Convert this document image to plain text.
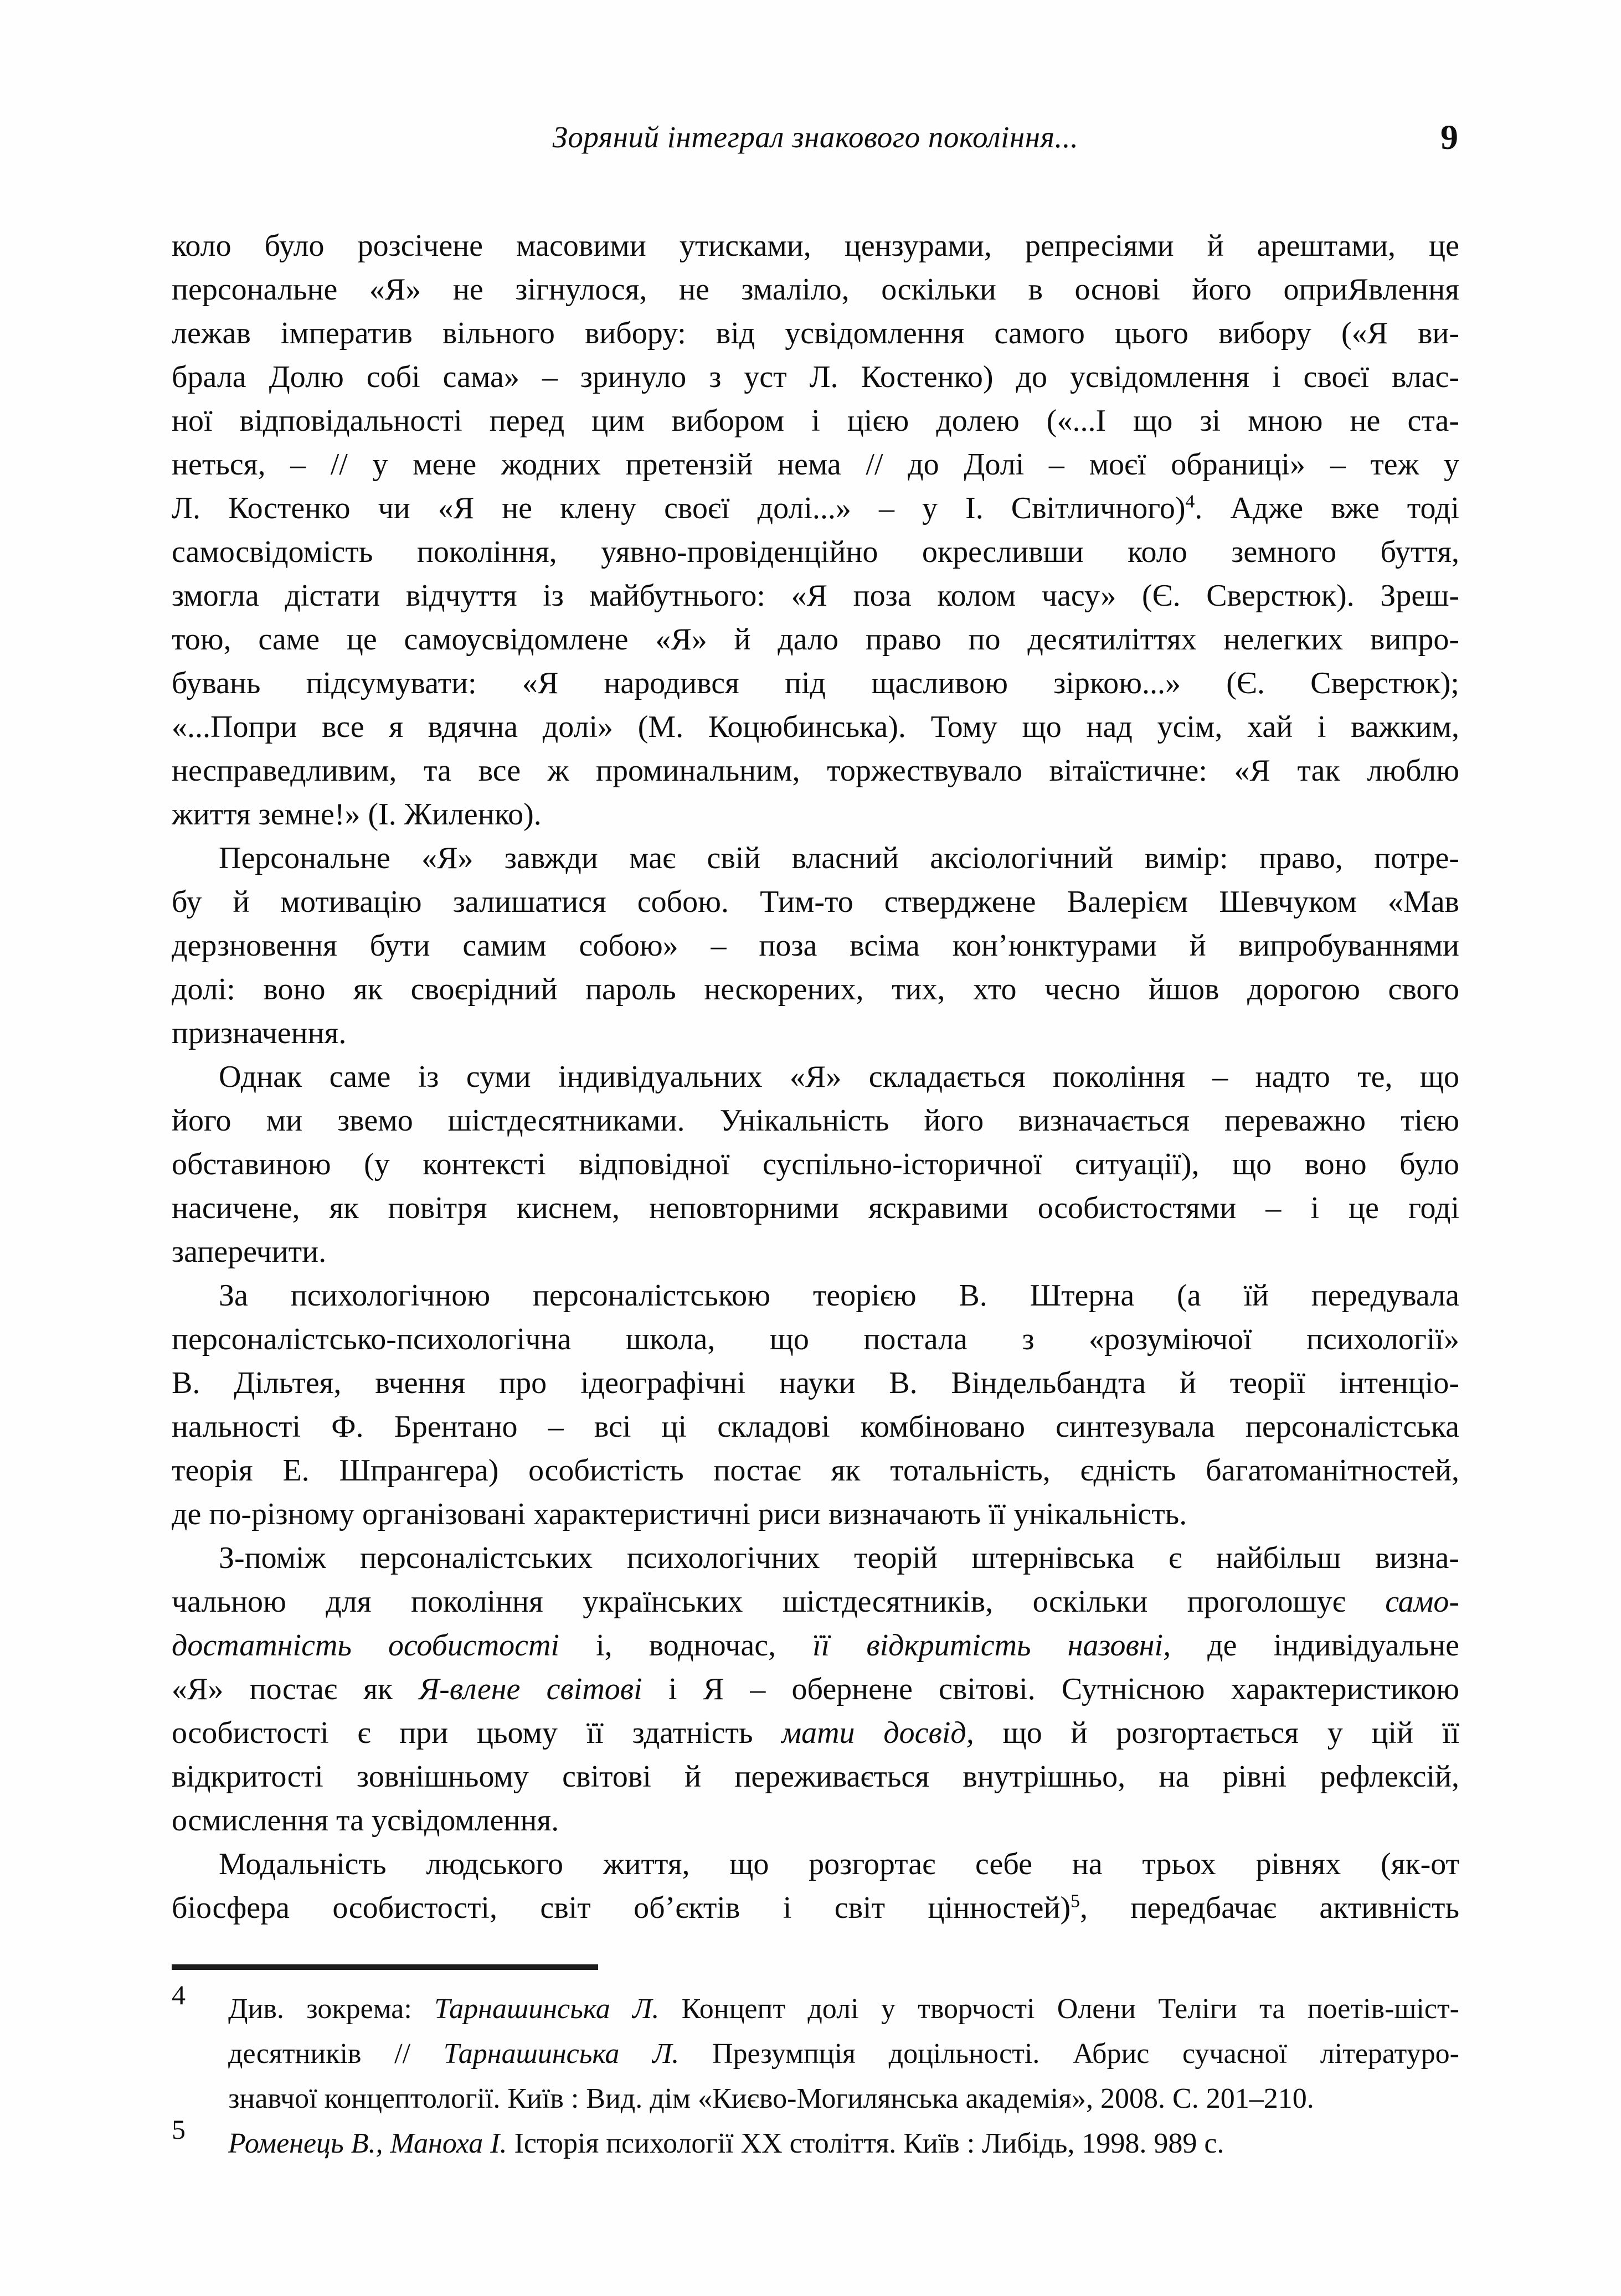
Зоряний інтеграл знакового покоління...	9
коло було розсічене масовими утисками, цензурами, репресіями й арештами, це
персональне «Я» не зігнулося, не змаліло, оскільки в основі його оприЯвлення
лежав імператив вільного вибору: від усвідомлення самого цього вибору («Я ви-
брала Долю собі сама» – зринуло з уст Л. Костенко) до усвідомлення і своєї влас-
ної відповідальності перед цим вибором і цією долею («...І що зі мною не ста-
неться, – // у мене жодних претензій нема // до Долі – моєї обраниці» – теж у
Л. Костенко чи «Я не клену своєї долі...» – у І. Світличного)$^4$. Адже вже тоді
самосвідомість покоління, уявно-провіденційно окресливши коло земного буття,
змогла дістати відчуття із майбутнього: «Я поза колом часу» (Є. Сверстюк). Зреш-
тою, саме це самоусвідомлене «Я» й дало право по десятиліттях нелегких випро-
бувань підсумувати: «Я народився під щасливою зіркою...» (Є. Сверстюк);
«...Попри все я вдячна долі» (М. Коцюбинська). Тому що над усім, хай і важким,
несправедливим, та все ж проминальним, торжествувало вітаїстичне: «Я так люблю
життя земне!» (І. Жиленко).
Персональне «Я» завжди має свій власний аксіологічний вимір: право, потре-
бу й мотивацію залишатися собою. Тим-то стверджене Валерієм Шевчуком «Мав
дерзновення бути самим собою» – поза всіма кон’юнктурами й випробуваннями
долі: воно як своєрідний пароль нескорених, тих, хто чесно йшов дорогою свого
призначення.
Однак саме із суми індивідуальних «Я» складається покоління – надто те, що
його ми звемо шістдесятниками. Унікальність його визначається переважно тією
обставиною (у контексті відповідної суспільно-історичної ситуації), що воно було
насичене, як повітря киснем, неповторними яскравими особистостями – і це годі
заперечити.
За психологічною персоналістською теорією В. Штерна (а їй передувала
персоналістсько-психологічна школа, що постала з «розуміючої психології»
В. Дільтея, вчення про ідеографічні науки В. Віндельбандта й теорії інтенціо-
нальності Ф. Брентано – всі ці складові комбіновано синтезувала персоналістська
теорія Е. Шпрангера) особистість постає як тотальність, єдність багатоманітностей,
де по-різному організовані характеристичні риси визначають її унікальність.
З-поміж персоналістських психологічних теорій штернівська є найбільш визна-
чальною для покоління українських шістдесятників, оскільки проголошує само-
достатність особистості і, водночас, її відкритість назовні, де індивідуальне
«Я» постає як Я-влене світові і Я – обернене світові. Сутнісною характеристикою
особистості є при цьому її здатність мати досвід, що й розгортається у цій її
відкритості зовнішньому світові й переживається внутрішньо, на рівні рефлексій,
осмислення та усвідомлення.
Модальність людського життя, що розгортає себе на трьох рівнях (як-от
біосфера особистості, світ об’єктів і світ цінностей)$^5$, передбачає активність
4 Див. зокрема: Тарнашинська Л. Концепт долі у творчості Олени Теліги та поетів-шіст-
десятників // Тарнашинська Л. Презумпція доцільності. Абрис сучасної літературо-
знавчої концептології. Київ : Вид. дім «Києво-Могилянська академія», 2008. С. 201–210.
5 Роменець В., Маноха І. Історія психології ХХ століття. Київ : Либідь, 1998. 989 с.
